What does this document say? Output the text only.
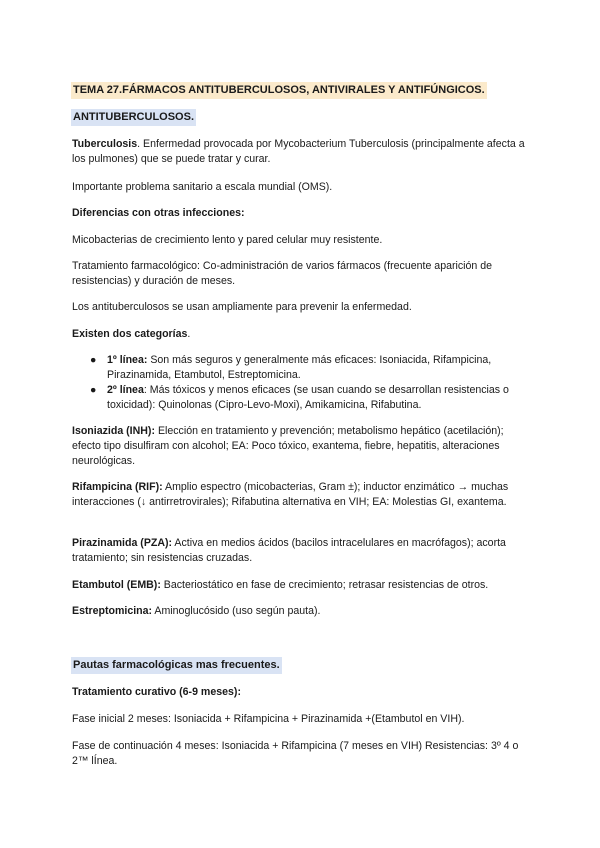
TEMA 27.FÁRMACOS ANTITUBERCULOSOS, ANTIVIRALES Y ANTIFÚNGICOS.
ANTITUBERCULOSOS.
Tuberculosis. Enfermedad provocada por Mycobacterium Tuberculosis (principalmente afecta a los pulmones) que se puede tratar y curar.
Importante problema sanitario a escala mundial (OMS).
Diferencias con otras infecciones:
Micobacterias de crecimiento lento y pared celular muy resistente.
Tratamiento farmacológico: Co-administración de varios fármacos (frecuente aparición de resistencias) y duración de meses.
Los antituberculosos se usan ampliamente para prevenir la enfermedad.
Existen dos categorías.
● 1º línea: Son más seguros y generalmente más eficaces: Isoniacida, Rifampicina, Pirazinamida, Etambutol, Estreptomicina.
● 2º línea: Más tóxicos y menos eficaces (se usan cuando se desarrollan resistencias o toxicidad): Quinolonas (Cipro-Levo-Moxi), Amikamicina, Rifabutina.
Isoniazida (INH): Elección en tratamiento y prevención; metabolismo hepático (acetilación); efecto tipo disulfiram con alcohol; EA: Poco tóxico, exantema, fiebre, hepatitis, alteraciones neurológicas.
Rifampicina (RIF): Amplio espectro (micobacterias, Gram ±); inductor enzimático → muchas interacciones (↓ antirretrovirales); Rifabutina alternativa en VIH; EA: Molestias GI, exantema.
Pirazinamida (PZA): Activa en medios ácidos (bacilos intracelulares en macrófagos); acorta tratamiento; sin resistencias cruzadas.
Etambutol (EMB): Bacteriostático en fase de crecimiento; retrasar resistencias de otros.
Estreptomicina: Aminoglucósido (uso según pauta).
Pautas farmacológicas mas frecuentes.
Tratamiento curativo (6-9 meses):
Fase inicial 2 meses: Isoniacida + Rifampicina + Pirazinamida +(Etambutol en VIH).
Fase de continuación 4 meses: Isoniacida + Rifampicina (7 meses en VIH) Resistencias: 3º 4 o 2™ lÍnea.
